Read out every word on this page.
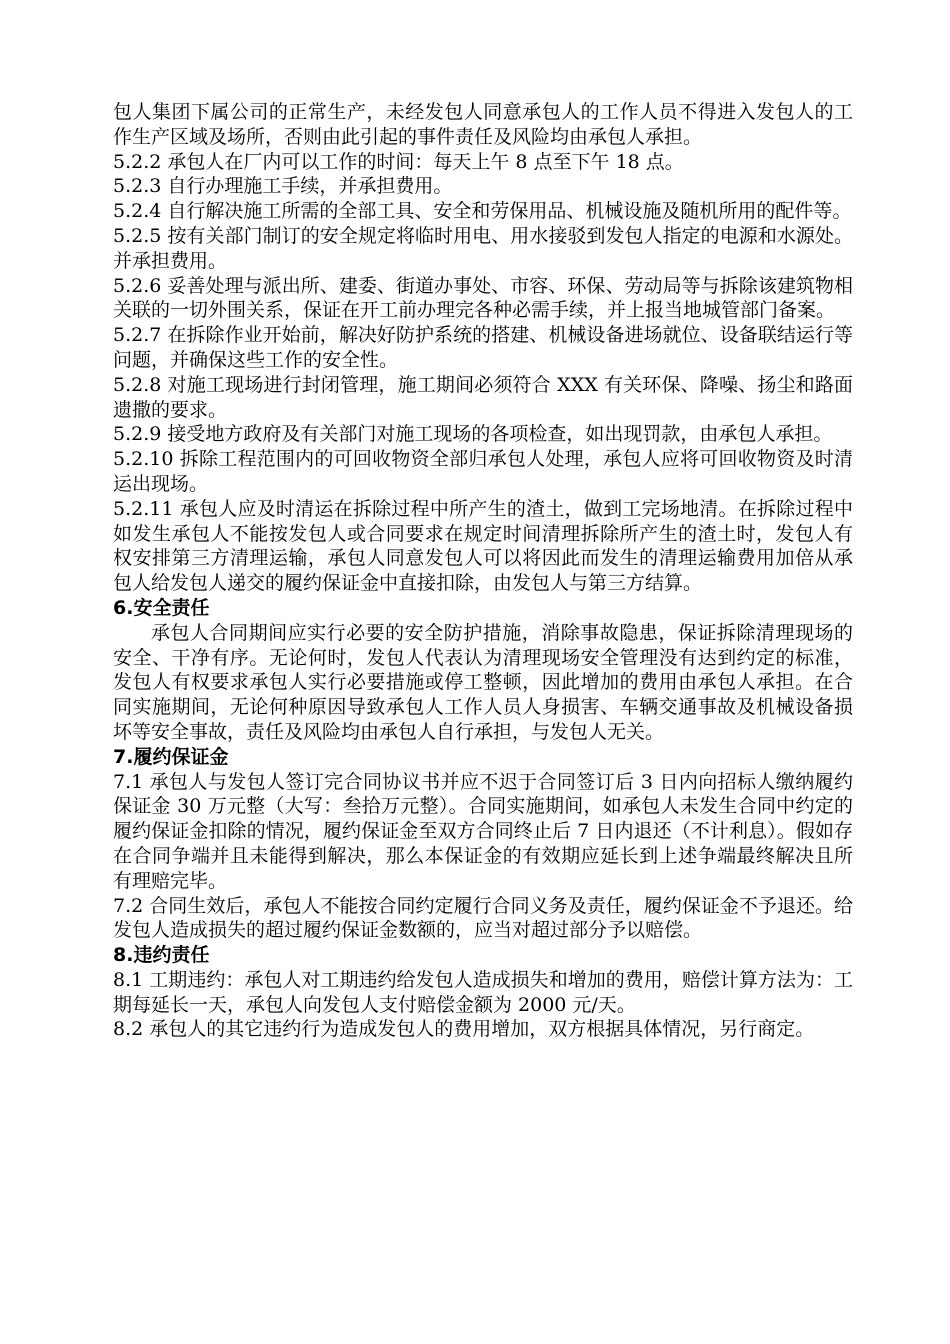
包人集团下属公司的正常生产，未经发包人同意承包人的工作人员不得进入发包人的工作生产区域及场所，否则由此引起的事件责任及风险均由承包人承担。

5.2.2 承包人在厂内可以工作的时间：每天上午 8 点至下午 18 点。

5.2.3 自行办理施工手续，并承担费用。

5.2.4 自行解决施工所需的全部工具、安全和劳保用品、机械设施及随机所用的配件等。

5.2.5 按有关部门制订的安全规定将临时用电、用水接驳到发包人指定的电源和水源处。并承担费用。

5.2.6 妥善处理与派出所、建委、街道办事处、市容、环保、劳动局等与拆除该建筑物相关联的一切外围关系，保证在开工前办理完各种必需手续，并上报当地城管部门备案。

5.2.7 在拆除作业开始前，解决好防护系统的搭建、机械设备进场就位、设备联结运行等问题，并确保这些工作的安全性。

5.2.8 对施工现场进行封闭管理，施工期间必须符合 XXX 有关环保、降噪、扬尘和路面遗撒的要求。

5.2.9 接受地方政府及有关部门对施工现场的各项检查，如出现罚款，由承包人承担。

5.2.10 拆除工程范围内的可回收物资全部归承包人处理，承包人应将可回收物资及时清运出现场。

5.2.11 承包人应及时清运在拆除过程中所产生的渣土，做到工完场地清。在拆除过程中如发生承包人不能按发包人或合同要求在规定时间清理拆除所产生的渣土时，发包人有权安排第三方清理运输，承包人同意发包人可以将因此而发生的清理运输费用加倍从承包人给发包人递交的履约保证金中直接扣除，由发包人与第三方结算。

6.安全责任

承包人合同期间应实行必要的安全防护措施，消除事故隐患，保证拆除清理现场的安全、干净有序。无论何时，发包人代表认为清理现场安全管理没有达到约定的标准，发包人有权要求承包人实行必要措施或停工整顿，因此增加的费用由承包人承担。在合同实施期间，无论何种原因导致承包人工作人员人身损害、车辆交通事故及机械设备损坏等安全事故，责任及风险均由承包人自行承担，与发包人无关。

7.履约保证金

7.1 承包人与发包人签订完合同协议书并应不迟于合同签订后 3 日内向招标人缴纳履约保证金 30 万元整（大写：叁拾万元整）。合同实施期间，如承包人未发生合同中约定的履约保证金扣除的情况，履约保证金至双方合同终止后 7 日内退还（不计利息）。假如存在合同争端并且未能得到解决，那么本保证金的有效期应延长到上述争端最终解决且所有理赔完毕。

7.2 合同生效后，承包人不能按合同约定履行合同义务及责任，履约保证金不予退还。给发包人造成损失的超过履约保证金数额的，应当对超过部分予以赔偿。

8.违约责任

8.1 工期违约：承包人对工期违约给发包人造成损失和增加的费用，赔偿计算方法为：工期每延长一天，承包人向发包人支付赔偿金额为 2000 元/天。

8.2 承包人的其它违约行为造成发包人的费用增加，双方根据具体情况，另行商定。
